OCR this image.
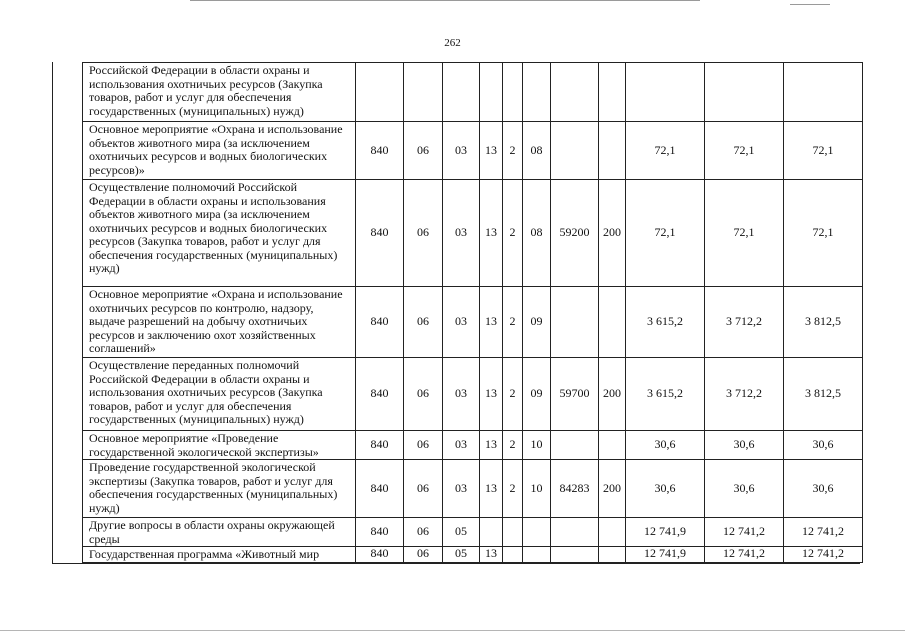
262
Российской Федерации в области охраны и использования охотничьих ресурсов (Закупка товаров, работ и услуг для обеспечения государственных (муниципальных) нужд)											
Основное мероприятие «Охрана и использование объектов животного мира (за исключением охотничьих ресурсов и водных биологических ресурсов)»	840	06	03	13	2	08			72,1	72,1	72,1
Осуществление полномочий Российской Федерации в области охраны и использования объектов животного мира (за исключением охотничьих ресурсов и водных биологических ресурсов (Закупка товаров, работ и услуг для обеспечения государственных (муниципальных) нужд)	840	06	03	13	2	08	59200	200	72,1	72,1	72,1
Основное мероприятие «Охрана и использование охотничьих ресурсов по контролю, надзору, выдаче разрешений на добычу охотничьих ресурсов и заключению охот хозяйственных соглашений»	840	06	03	13	2	09			3 615,2	3 712,2	3 812,5
Осуществление переданных полномочий Российской Федерации в области охраны и использования охотничьих ресурсов (Закупка товаров, работ и услуг для обеспечения государственных (муниципальных) нужд)	840	06	03	13	2	09	59700	200	3 615,2	3 712,2	3 812,5
Основное мероприятие «Проведение государственной экологической экспертизы»	840	06	03	13	2	10			30,6	30,6	30,6
Проведение государственной экологической экспертизы (Закупка товаров, работ и услуг для обеспечения государственных (муниципальных) нужд)	840	06	03	13	2	10	84283	200	30,6	30,6	30,6
Другие вопросы в области охраны окружающей среды	840	06	05						12 741,9	12 741,2	12 741,2
Государственная программа «Животный мир	840	06	05	13					12 741,9	12 741,2	12 741,2
